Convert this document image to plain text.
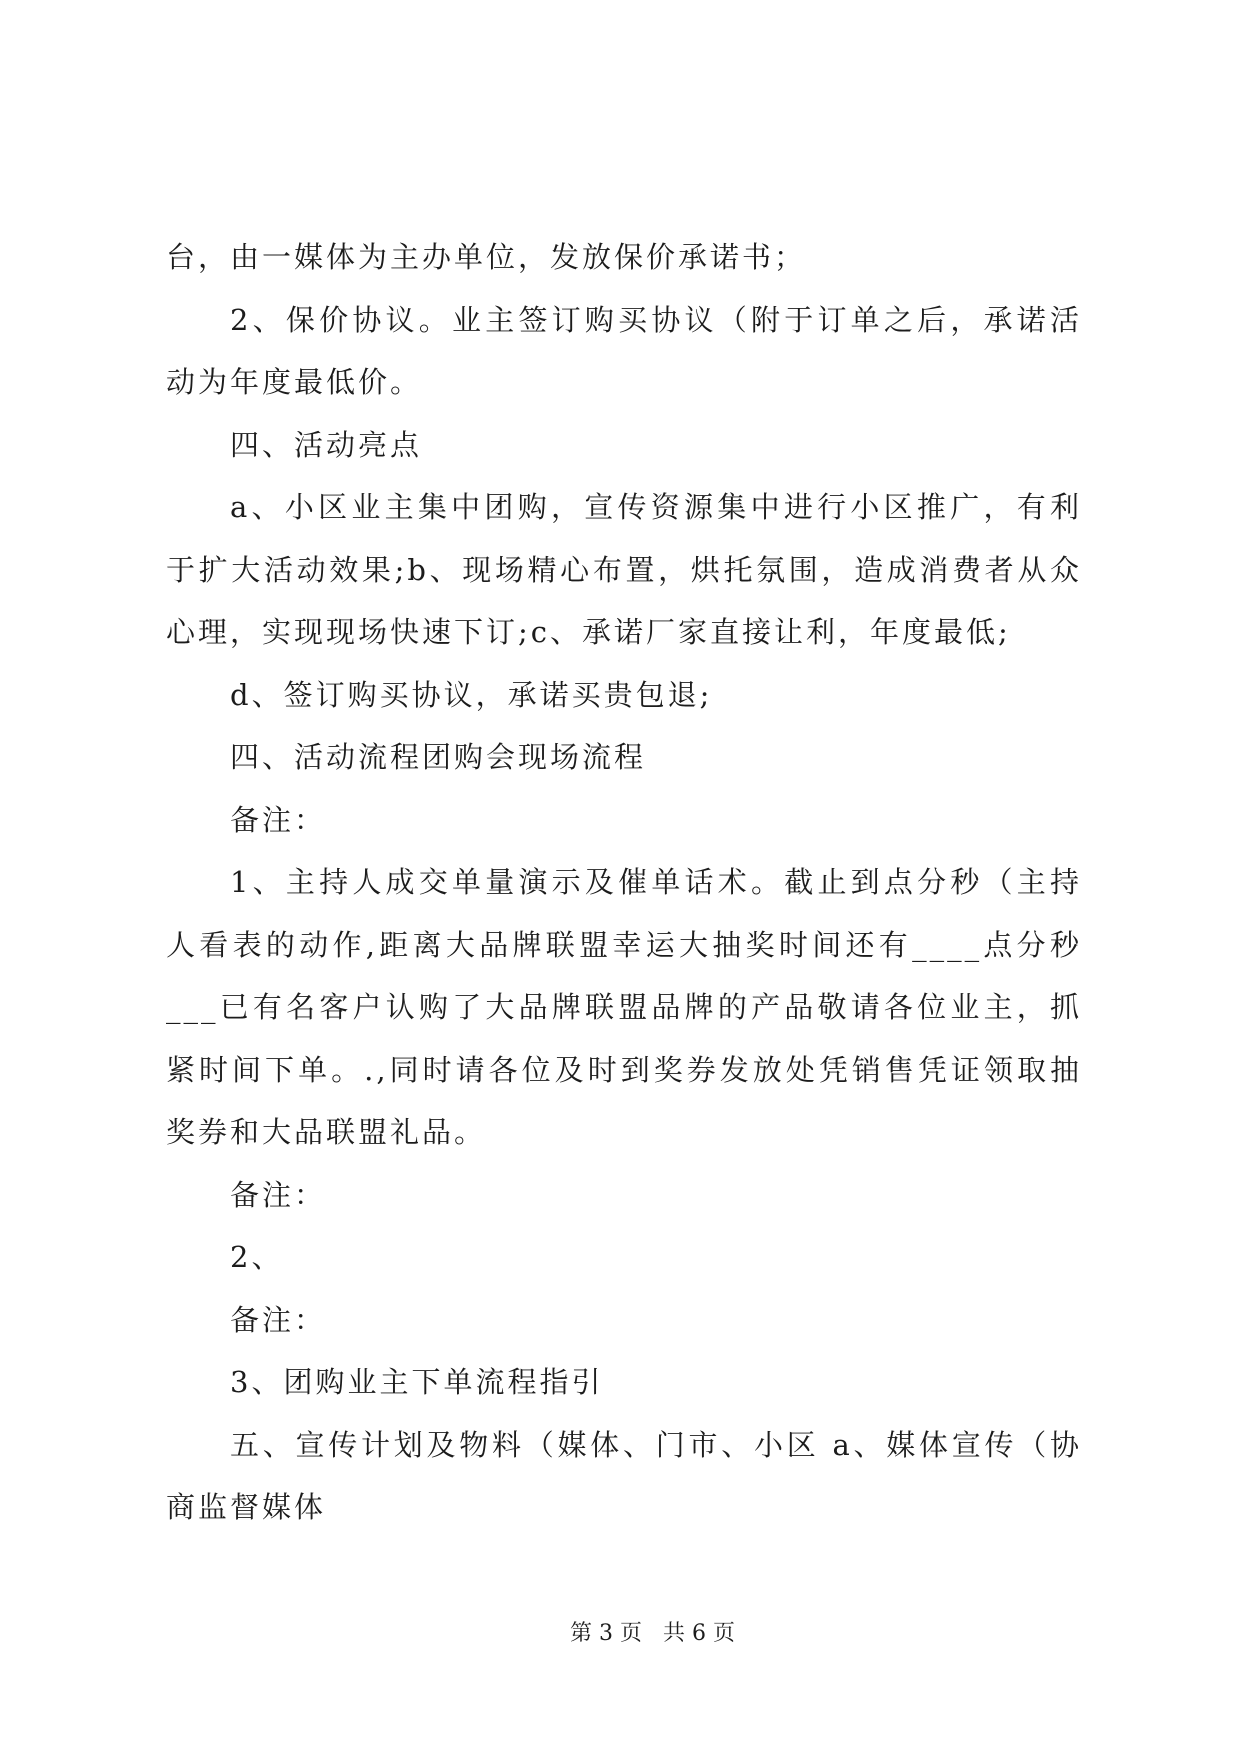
台，由一媒体为主办单位，发放保价承诺书；
2、保价协议。业主签订购买协议（附于订单之后，承诺活
动为年度最低价。
四、活动亮点
a、小区业主集中团购，宣传资源集中进行小区推广，有利
于扩大活动效果;b、现场精心布置，烘托氛围，造成消费者从众
心理，实现现场快速下订;c、承诺厂家直接让利，年度最低;
d、签订购买协议，承诺买贵包退;
四、活动流程团购会现场流程
备注：
1、主持人成交单量演示及催单话术。截止到点分秒（主持
人看表的动作,距离大品牌联盟幸运大抽奖时间还有____点分秒
___已有名客户认购了大品牌联盟品牌的产品敬请各位业主，抓
紧时间下单。.,同时请各位及时到奖券发放处凭销售凭证领取抽
奖券和大品联盟礼品。
备注：
2、
备注：
3、团购业主下单流程指引
五、宣传计划及物料（媒体、门市、小区 a、媒体宣传（协
商监督媒体
第 3 页 共 6 页
